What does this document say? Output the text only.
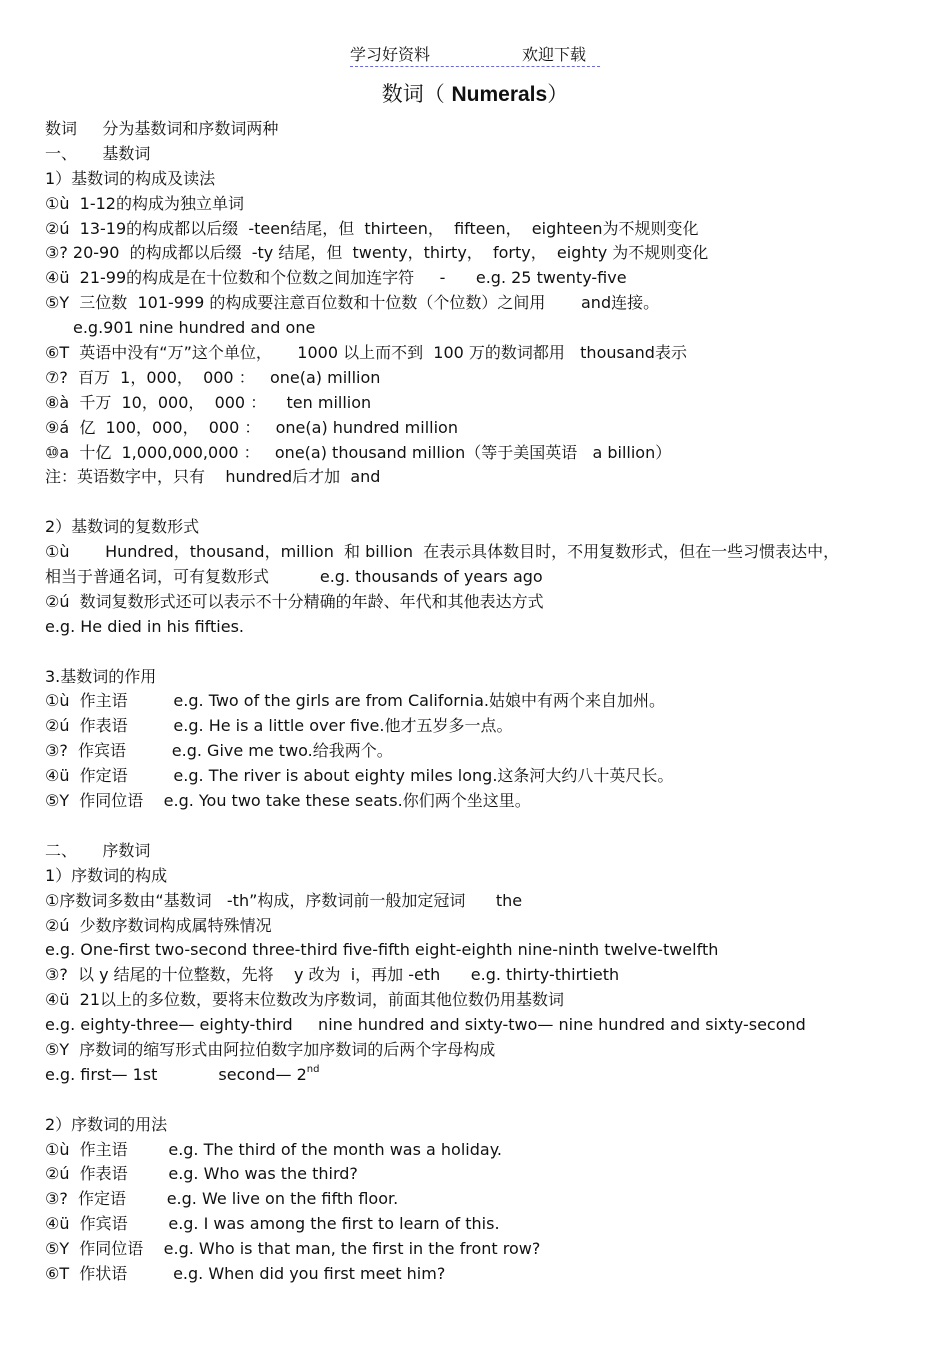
学习好资料	欢迎下载
数词（ Numerals）
数词     分为基数词和序数词两种
一、     基数词
1）基数词的构成及读法
①ù  1-12的构成为独立单词
②ú  13-19的构成都以后缀  -teen结尾，但  thirteen，  fifteen，  eighteen为不规则变化
③? 20-90  的构成都以后缀  -ty 结尾，但  twenty，thirty，  forty，  eighty 为不规则变化
④ü  21-99的构成是在十位数和个位数之间加连字符     -      e.g. 25 twenty-five
⑤Y  三位数  101-999 的构成要注意百位数和十位数（个位数）之间用       and连接。
e.g.901 nine hundred and one
⑥T  英语中没有“万”这个单位，     1000 以上而不到  100 万的数词都用   thousand表示
⑦?  百万  1，000，  000 ：   one(a) million
⑧à  千万  10，000，  000 ：    ten million
⑨á  亿  100，000，  000 ：   one(a) hundred million
⑩a  十亿  1,000,000,000 ：   one(a) thousand million（等于美国英语   a billion）
注：英语数字中，只有    hundred后才加  and
2）基数词的复数形式
①ù       Hundred，thousand，million  和 billion  在表示具体数目时，不用复数形式，但在一些习惯表达中，
相当于普通名词，可有复数形式          e.g. thousands of years ago
②ú  数词复数形式还可以表示不十分精确的年龄、年代和其他表达方式
e.g. He died in his fifties.
3.基数词的作用
①ù  作主语         e.g. Two of the girls are from California.姑娘中有两个来自加州。
②ú  作表语         e.g. He is a little over five.他才五岁多一点。
③?  作宾语         e.g. Give me two.给我两个。
④ü  作定语         e.g. The river is about eighty miles long.这条河大约八十英尺长。
⑤Y  作同位语    e.g. You two take these seats.你们两个坐这里。
二、     序数词
1）序数词的构成
①序数词多数由“基数词   -th”构成，序数词前一般加定冠词      the
②ú  少数序数词构成属特殊情况
e.g. One-first two-second three-third five-fifth eight-eighth nine-ninth twelve-twelfth
③?  以 y 结尾的十位整数，先将    y 改为  i，再加 -eth      e.g. thirty-thirtieth
④ü  21以上的多位数，要将末位数改为序数词，前面其他位数仍用基数词
e.g. eighty-three— eighty-third     nine hundred and sixty-two— nine hundred and sixty-second
⑤Y  序数词的缩写形式由阿拉伯数字加序数词的后两个字母构成
e.g. first— 1st            second— 2nd
2）序数词的用法
①ù  作主语        e.g. The third of the month was a holiday.
②ú  作表语        e.g. Who was the third?
③?  作定语        e.g. We live on the fifth floor.
④ü  作宾语        e.g. I was among the first to learn of this.
⑤Y  作同位语    e.g. Who is that man, the first in the front row?
⑥T  作状语         e.g. When did you first meet him?
